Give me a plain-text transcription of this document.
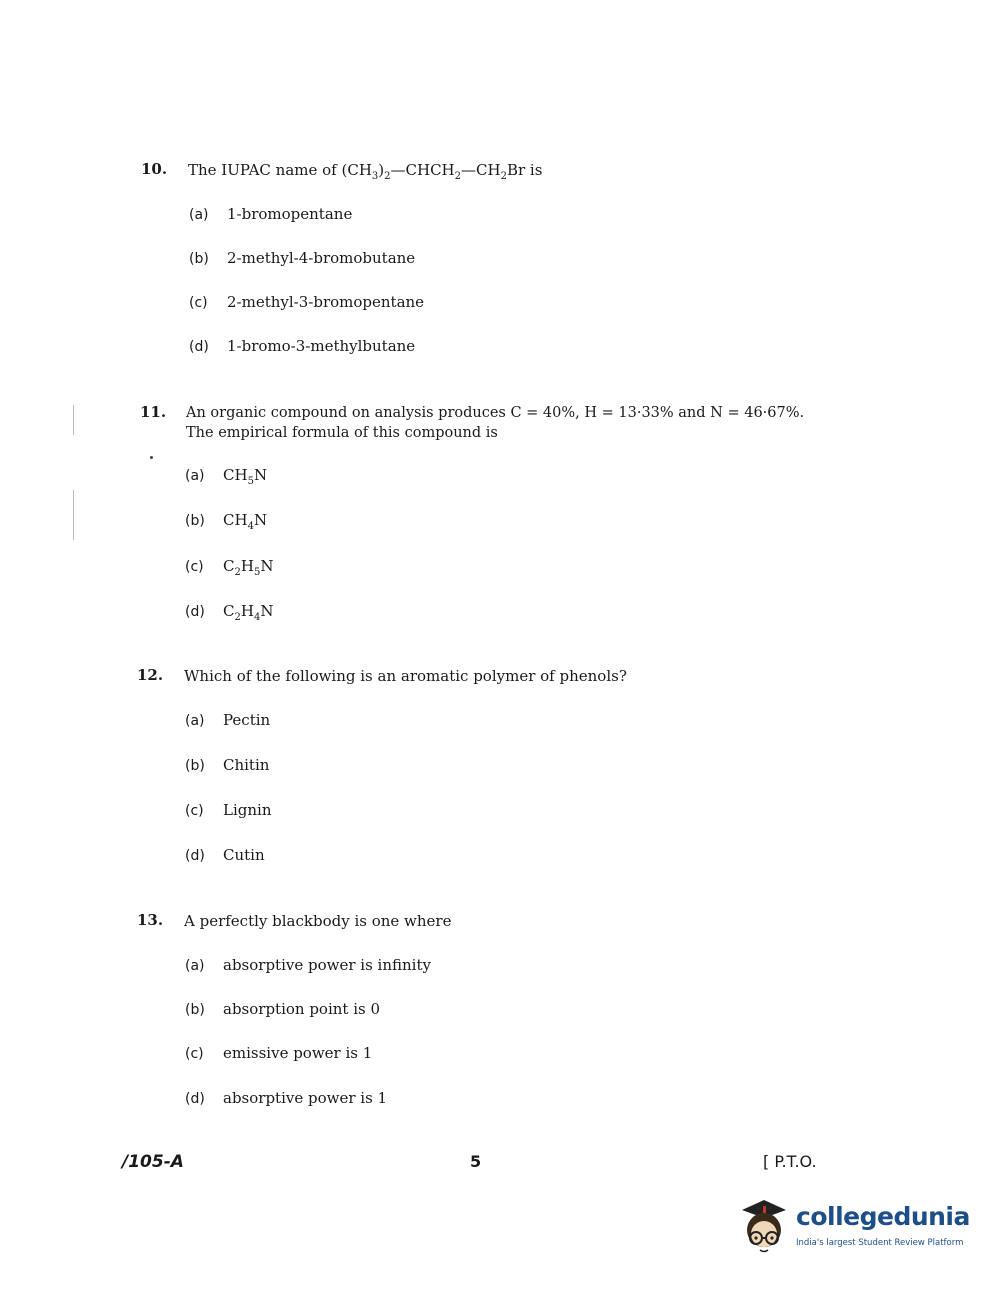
10. The IUPAC name of $(CH_3)_2—CHCH_2—CH_2Br$ is
(a) 1-bromopentane
(b) 2-methyl-4-bromobutane
(c) 2-methyl-3-bromopentane
(d) 1-bromo-3-methylbutane
11. An organic compound on analysis produces C = 40%, H = 13·33% and N = 46·67%.
The empirical formula of this compound is
(a) $CH_5N$
(b) $CH_4N$
(c) $C_2H_5N$
(d) $C_2H_4N$
12. Which of the following is an aromatic polymer of phenols?
(a) Pectin
(b) Chitin
(c) Lignin
(d) Cutin
13. A perfectly blackbody is one where
(a) absorptive power is infinity
(b) absorption point is 0
(c) emissive power is 1
(d) absorptive power is 1
/105-A	5	[ P.T.O.
collegedunia
India's largest Student Review Platform
